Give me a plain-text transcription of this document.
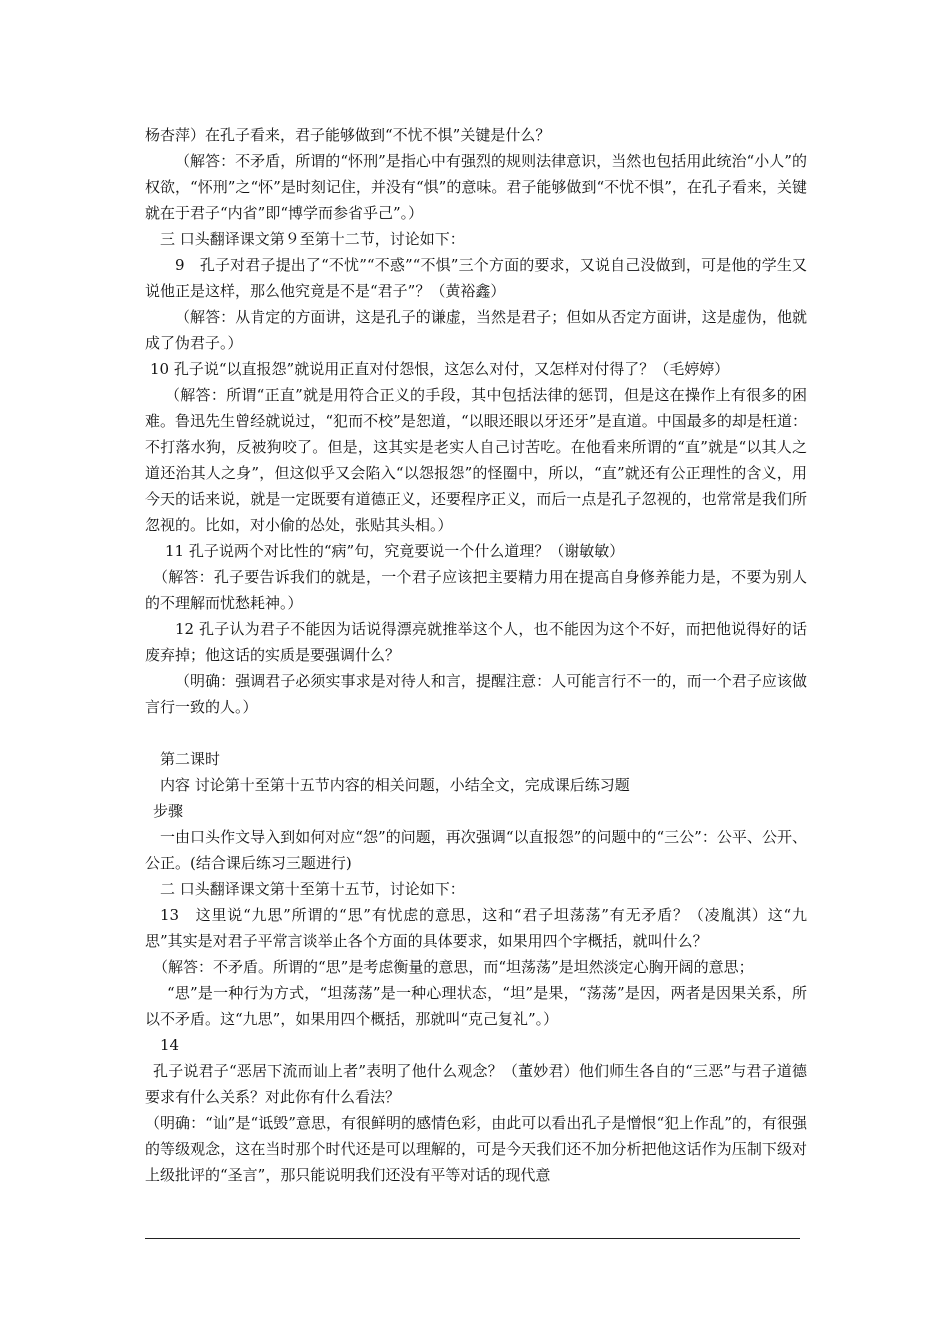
杨杏萍）在孔子看来，君子能够做到“不忧不惧”关键是什么？

（解答：不矛盾，所谓的“怀刑”是指心中有强烈的规则法律意识，当然也包括用此统治“小人”的权欲，“怀刑”之“怀”是时刻记住，并没有“惧”的意味。君子能够做到“不忧不惧”，在孔子看来，关键就在于君子“内省”即“博学而参省乎己”。）

三 口头翻译课文第９至第十二节，讨论如下：

9　孔子对君子提出了“不忧”“不惑”“不惧”三个方面的要求，又说自己没做到，可是他的学生又说他正是这样，那么他究竟是不是“君子”？（黄裕鑫）

（解答：从肯定的方面讲，这是孔子的谦虚，当然是君子；但如从否定方面讲，这是虚伪，他就成了伪君子。）

10 孔子说“以直报怨”就说用正直对付怨恨，这怎么对付，又怎样对付得了？（毛婷婷）

（解答：所谓“正直”就是用符合正义的手段，其中包括法律的惩罚，但是这在操作上有很多的困难。鲁迅先生曾经就说过，“犯而不校”是恕道，“以眼还眼以牙还牙”是直道。中国最多的却是枉道：不打落水狗，反被狗咬了。但是，这其实是老实人自己讨苦吃。在他看来所谓的“直”就是“以其人之道还治其人之身”，但这似乎又会陷入“以怨报怨”的怪圈中，所以，“直”就还有公正理性的含义，用今天的话来说，就是一定既要有道德正义，还要程序正义，而后一点是孔子忽视的，也常常是我们所忽视的。比如，对小偷的怂处，张贴其头相。）

11 孔子说两个对比性的“病”句，究竟要说一个什么道理？（谢敏敏）

（解答：孔子要告诉我们的就是，一个君子应该把主要精力用在提高自身修养能力是，不要为别人的不理解而忧愁耗神。）

12 孔子认为君子不能因为话说得漂亮就推举这个人，也不能因为这个不好，而把他说得好的话废弃掉；他这话的实质是要强调什么？

（明确：强调君子必须实事求是对待人和言，提醒注意：人可能言行不一的，而一个君子应该做言行一致的人。）

第二课时

内容 讨论第十至第十五节内容的相关问题，小结全文，完成课后练习题

步骤

一由口头作文导入到如何对应“怨”的问题，再次强调“以直报怨”的问题中的“三公”：公平、公开、公正。(结合课后练习三题进行)

二 口头翻译课文第十至第十五节，讨论如下：

13　这里说“九思”所谓的“思”有忧虑的意思，这和“君子坦荡荡”有无矛盾？（凌胤淇）这“九思”其实是对君子平常言谈举止各个方面的具体要求，如果用四个字概括，就叫什么？

（解答：不矛盾。所谓的“思”是考虑衡量的意思，而“坦荡荡”是坦然淡定心胸开阔的意思；

“思”是一种行为方式，“坦荡荡”是一种心理状态，“坦”是果，“荡荡”是因，两者是因果关系，所以不矛盾。这“九思”，如果用四个概括，那就叫“克己复礼”。）

14

孔子说君子“恶居下流而讪上者”表明了他什么观念？（董妙君）他们师生各自的“三恶”与君子道德要求有什么关系？对此你有什么看法？

（明确：“讪”是“诋毁”意思，有很鲜明的感情色彩，由此可以看出孔子是憎恨“犯上作乱”的，有很强的等级观念，这在当时那个时代还是可以理解的，可是今天我们还不加分析把他这话作为压制下级对上级批评的“圣言”，那只能说明我们还没有平等对话的现代意
